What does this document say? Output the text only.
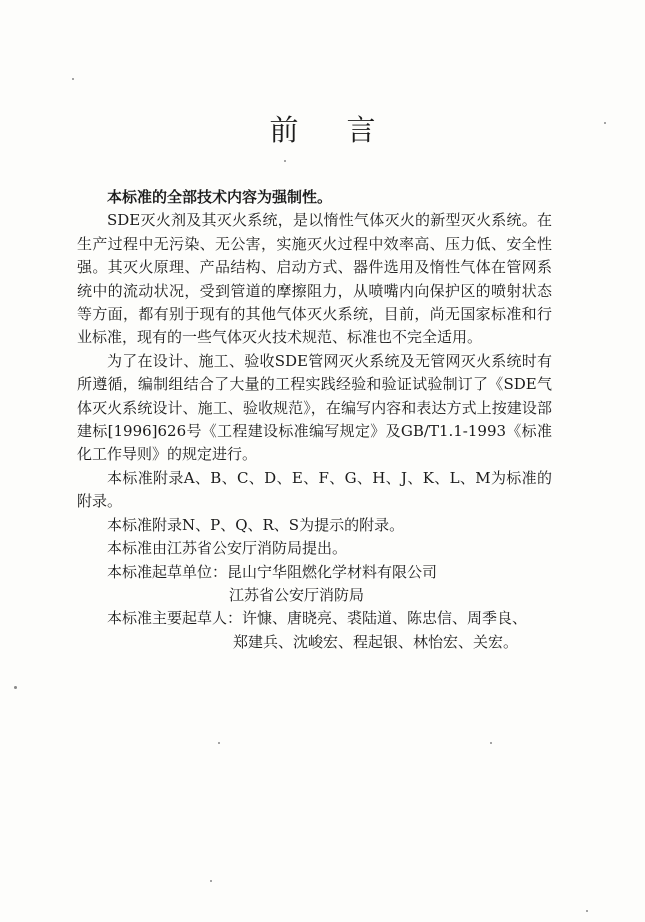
前言

本标准的全部技术内容为强制性。

SDE灭火剂及其灭火系统，是以惰性气体灭火的新型灭火系统。在生产过程中无污染、无公害，实施灭火过程中效率高、压力低、安全性强。其灭火原理、产品结构、启动方式、器件选用及惰性气体在管网系统中的流动状况，受到管道的摩擦阻力，从喷嘴内向保护区的喷射状态等方面，都有别于现有的其他气体灭火系统，目前，尚无国家标准和行业标准，现有的一些气体灭火技术规范、标准也不完全适用。

为了在设计、施工、验收SDE管网灭火系统及无管网灭火系统时有所遵循，编制组结合了大量的工程实践经验和验证试验制订了《SDE气体灭火系统设计、施工、验收规范》，在编写内容和表达方式上按建设部建标[1996]626号《工程建设标准编写规定》及GB/T1.1-1993《标准化工作导则》的规定进行。

本标准附录A、B、C、D、E、F、G、H、J、K、L、M为标准的附录。

本标准附录N、P、Q、R、S为提示的附录。

本标准由江苏省公安厅消防局提出。

本标准起草单位：昆山宁华阻燃化学材料有限公司
江苏省公安厅消防局
本标准主要起草人：许慷、唐晓亮、裘陆道、陈忠信、周季良、
郑建兵、沈峻宏、程起银、林怡宏、关宏。
